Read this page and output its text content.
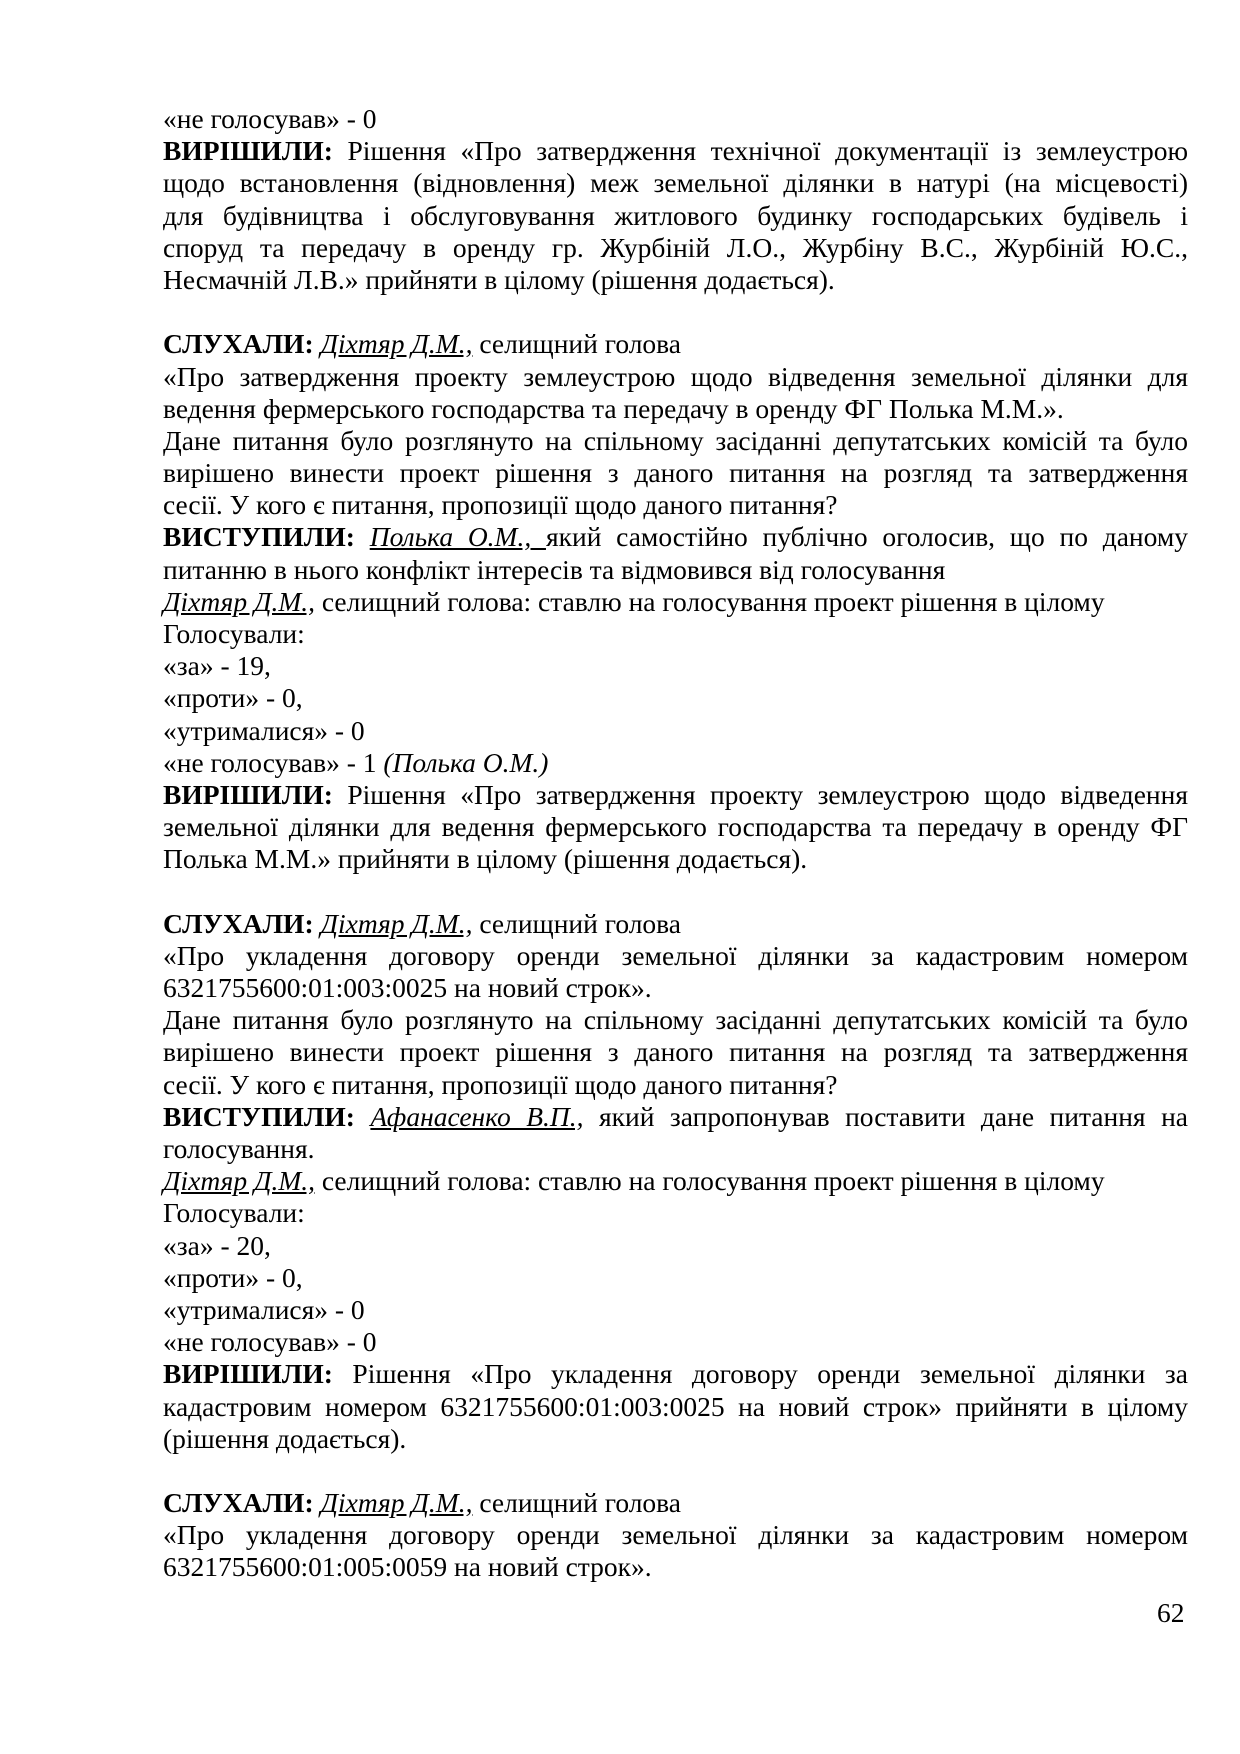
«не голосував» - 0
ВИРІШИЛИ: Рішення «Про затвердження технічної документації із землеустрою
щодо встановлення (відновлення) меж земельної ділянки в натурі (на місцевості)
для будівництва і обслуговування житлового будинку господарських будівель і
споруд та передачу в оренду гр. Журбіній Л.О., Журбіну В.С., Журбіній Ю.С.,
Несмачній Л.В.» прийняти в цілому (рішення додається).
СЛУХАЛИ: Діхтяр Д.М., селищний голова
«Про затвердження проекту землеустрою щодо відведення земельної ділянки для
ведення фермерського господарства та передачу в оренду ФГ Полька М.М.».
Дане питання було розглянуто на спільному засіданні депутатських комісій та було
вирішено винести проект рішення з даного питання на розгляд та затвердження
сесії. У кого є питання, пропозиції щодо даного питання?
ВИСТУПИЛИ: Полька О.М., який самостійно публічно оголосив, що по даному
питанню в нього конфлікт інтересів та відмовився від голосування
Діхтяр Д.М., селищний голова: ставлю на голосування проект рішення в цілому
Голосували:
«за» - 19,
«проти» - 0,
«утрималися» - 0
«не голосував» - 1 (Полька О.М.)
ВИРІШИЛИ: Рішення «Про затвердження проекту землеустрою щодо відведення
земельної ділянки для ведення фермерського господарства та передачу в оренду ФГ
Полька М.М.» прийняти в цілому (рішення додається).
СЛУХАЛИ: Діхтяр Д.М., селищний голова
«Про укладення договору оренди земельної ділянки за кадастровим номером
6321755600:01:003:0025 на новий строк».
Дане питання було розглянуто на спільному засіданні депутатських комісій та було
вирішено винести проект рішення з даного питання на розгляд та затвердження
сесії. У кого є питання, пропозиції щодо даного питання?
ВИСТУПИЛИ: Афанасенко В.П., який запропонував поставити дане питання на
голосування.
Діхтяр Д.М., селищний голова: ставлю на голосування проект рішення в цілому
Голосували:
«за» - 20,
«проти» - 0,
«утрималися» - 0
«не голосував» - 0
ВИРІШИЛИ: Рішення «Про укладення договору оренди земельної ділянки за
кадастровим номером 6321755600:01:003:0025 на новий строк» прийняти в цілому
(рішення додається).
СЛУХАЛИ: Діхтяр Д.М., селищний голова
«Про укладення договору оренди земельної ділянки за кадастровим номером
6321755600:01:005:0059 на новий строк».
62
